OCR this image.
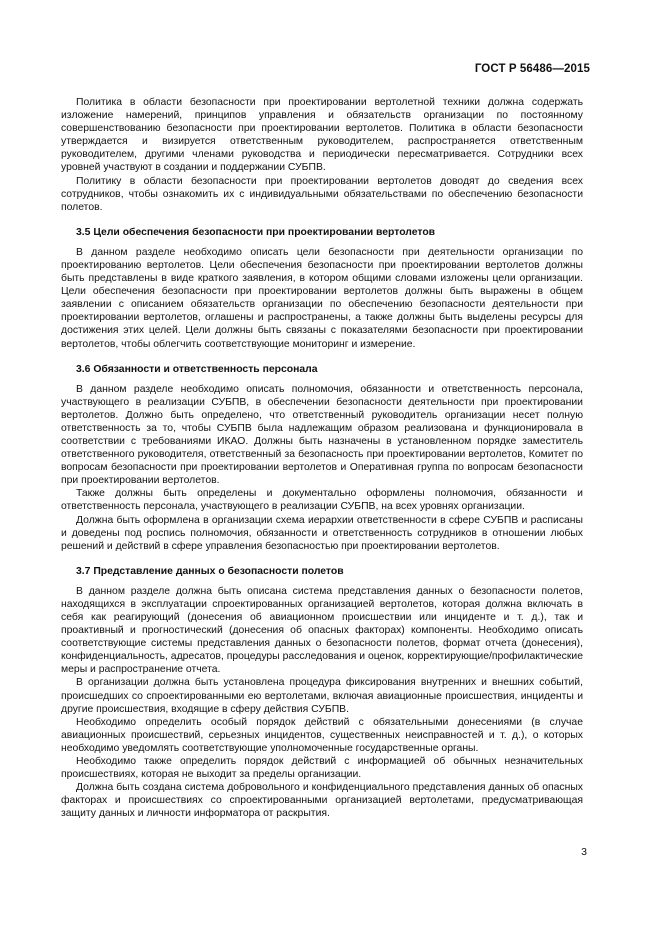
ГОСТ Р 56486—2015

Политика в области безопасности при проектировании вертолетной техники должна содержать изложение намерений, принципов управления и обязательств организации по постоянному совершенствованию безопасности при проектировании вертолетов. Политика в области безопасности утверждается и визируется ответственным руководителем, распространяется ответственным руководителем, другими членами руководства и периодически пересматривается. Сотрудники всех уровней участвуют в создании и поддержании СУБПВ.

Политику в области безопасности при проектировании вертолетов доводят до сведения всех сотрудников, чтобы ознакомить их с индивидуальными обязательствами по обеспечению безопасности полетов.

3.5 Цели обеспечения безопасности при проектировании вертолетов

В данном разделе необходимо описать цели безопасности при деятельности организации по проектированию вертолетов. Цели обеспечения безопасности при проектировании вертолетов должны быть представлены в виде краткого заявления, в котором общими словами изложены цели организации. Цели обеспечения безопасности при проектировании вертолетов должны быть выражены в общем заявлении с описанием обязательств организации по обеспечению безопасности деятельности при проектировании вертолетов, оглашены и распространены, а также должны быть выделены ресурсы для достижения этих целей. Цели должны быть связаны с показателями безопасности при проектировании вертолетов, чтобы облегчить соответствующие мониторинг и измерение.

3.6 Обязанности и ответственность персонала

В данном разделе необходимо описать полномочия, обязанности и ответственность персонала, участвующего в реализации СУБПВ, в обеспечении безопасности деятельности при проектировании вертолетов. Должно быть определено, что ответственный руководитель организации несет полную ответственность за то, чтобы СУБПВ была надлежащим образом реализована и функционировала в соответствии с требованиями ИКАО. Должны быть назначены в установленном порядке заместитель ответственного руководителя, ответственный за безопасность при проектировании вертолетов, Комитет по вопросам безопасности при проектировании вертолетов и Оперативная группа по вопросам безопасности при проектировании вертолетов.

Также должны быть определены и документально оформлены полномочия, обязанности и ответственность персонала, участвующего в реализации СУБПВ, на всех уровнях организации.

Должна быть оформлена в организации схема иерархии ответственности в сфере СУБПВ и расписаны и доведены под роспись полномочия, обязанности и ответственность сотрудников в отношении любых решений и действий в сфере управления безопасностью при проектировании вертолетов.

3.7 Представление данных о безопасности полетов

В данном разделе должна быть описана система представления данных о безопасности полетов, находящихся в эксплуатации спроектированных организацией вертолетов, которая должна включать в себя как реагирующий (донесения об авиационном происшествии или инциденте и т. д.), так и проактивный и прогностический (донесения об опасных факторах) компоненты. Необходимо описать соответствующие системы представления данных о безопасности полетов, формат отчета (донесения), конфиденциальность, адресатов, процедуры расследования и оценок, корректирующие/профилактические меры и распространение отчета.

В организации должна быть установлена процедура фиксирования внутренних и внешних событий, происшедших со спроектированными ею вертолетами, включая авиационные происшествия, инциденты и другие происшествия, входящие в сферу действия СУБПВ.

Необходимо определить особый порядок действий с обязательными донесениями (в случае авиационных происшествий, серьезных инцидентов, существенных неисправностей и т. д.), о которых необходимо уведомлять соответствующие уполномоченные государственные органы.

Необходимо также определить порядок действий с информацией об обычных незначительных происшествиях, которая не выходит за пределы организации.

Должна быть создана система добровольного и конфиденциального представления данных об опасных факторах и происшествиях со спроектированными организацией вертолетами, предусматривающая защиту данных и личности информатора от раскрытия.

3
